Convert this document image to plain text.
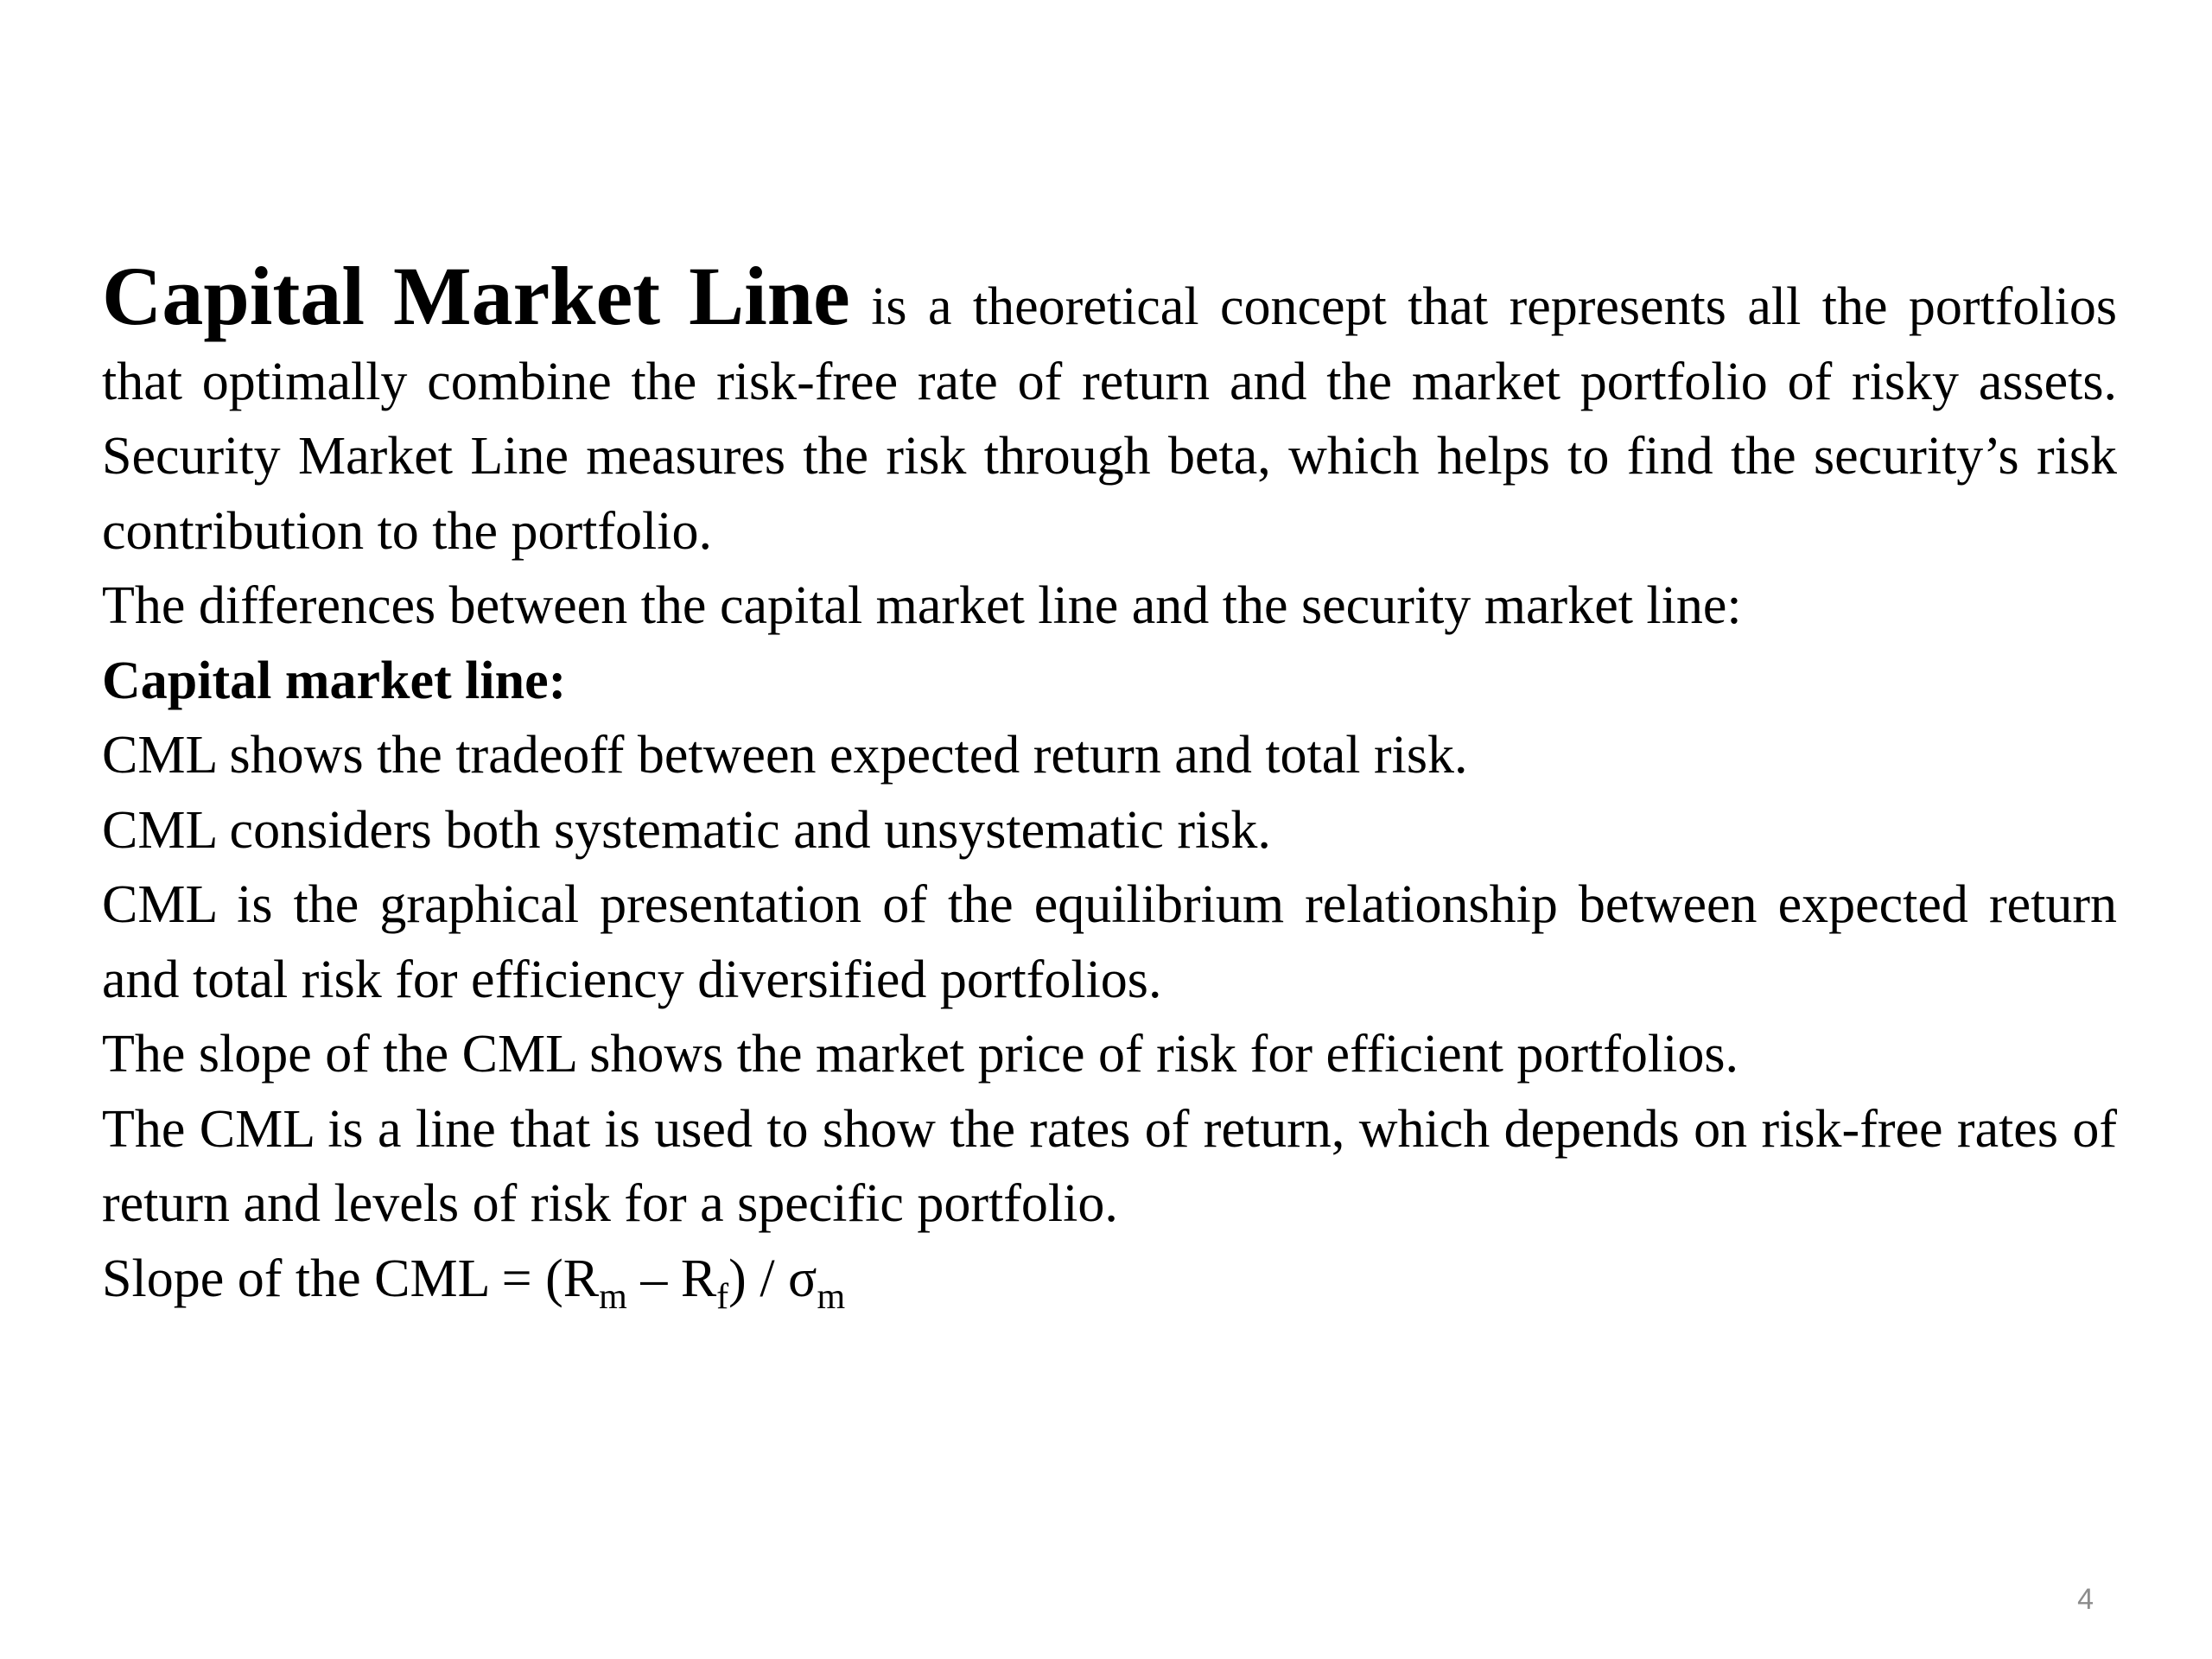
Capital Market Line is a theoretical concept that represents all the portfolios that optimally combine the risk-free rate of return and the market portfolio of risky assets. Security Market Line measures the risk through beta, which helps to find the security’s risk contribution to the portfolio.

The differences between the capital market line and the security market line:

Capital market line:

CML shows the tradeoff between expected return and total risk.

CML considers both systematic and unsystematic risk.

CML is the graphical presentation of the equilibrium relationship between expected return and total risk for efficiency diversified portfolios.

The slope of the CML shows the market price of risk for efficient portfolios.

The CML is a line that is used to show the rates of return, which depends on risk-free rates of return and levels of risk for a specific portfolio.

Slope of the CML = $(R_m - R_f) / \sigma_m$

4
